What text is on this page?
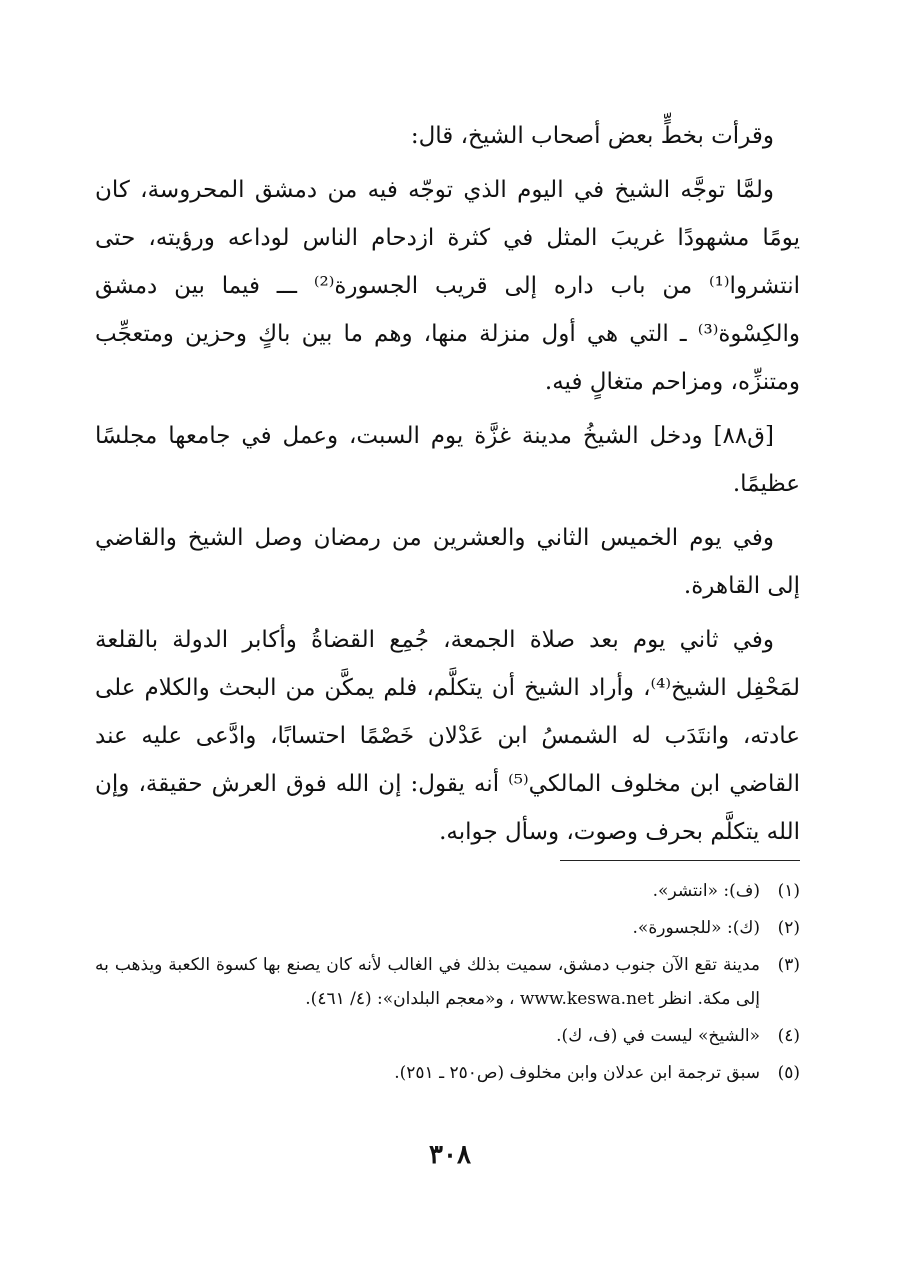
وقرأت بخطٍّ بعض أصحاب الشيخ، قال:

ولمَّا توجَّه الشيخ في اليوم الذي توجّه فيه من دمشق المحروسة، كان يومًا مشهودًا غريبَ المثل في كثرة ازدحام الناس لوداعه ورؤيته، حتى انتشروا⁽¹⁾ من باب داره إلى قريب الجسورة⁽²⁾ ـــ فيما بين دمشق والكِسْوة⁽³⁾ ـ التي هي أول منزلة منها، وهم ما بين باكٍ وحزين ومتعجِّب ومتنزِّه، ومزاحم متغالٍ فيه.

[ق٨٨] ودخل الشيخُ مدينة غزَّة يوم السبت، وعمل في جامعها مجلسًا عظيمًا.

وفي يوم الخميس الثاني والعشرين من رمضان وصل الشيخ والقاضي إلى القاهرة.

وفي ثاني يوم بعد صلاة الجمعة، جُمِع القضاةُ وأكابر الدولة بالقلعة لمَحْفِل الشيخ⁽⁴⁾، وأراد الشيخ أن يتكلَّم، فلم يمكَّن من البحث والكلام على عادته، وانتَدَب له الشمسُ ابن عَدْلان خَصْمًا احتسابًا، وادَّعى عليه عند القاضي ابن مخلوف المالكي⁽⁵⁾ أنه يقول: إن الله فوق العرش حقيقة، وإن الله يتكلَّم بحرف وصوت، وسأل جوابه.

(١)
(ف): «انتشر».
(٢)
(ك): «للجسورة».
(٣)
مدينة تقع الآن جنوب دمشق، سميت بذلك في الغالب لأنه كان يصنع بها كسوة الكعبة ويذهب به إلى مكة. انظر www.keswa.net ، و«معجم البلدان»: (٤/ ٤٦١).
(٤)
«الشيخ» ليست في (ف، ك).
(٥)
سبق ترجمة ابن عدلان وابن مخلوف (ص٢٥٠ ـ ٢٥١).
٣٠٨
